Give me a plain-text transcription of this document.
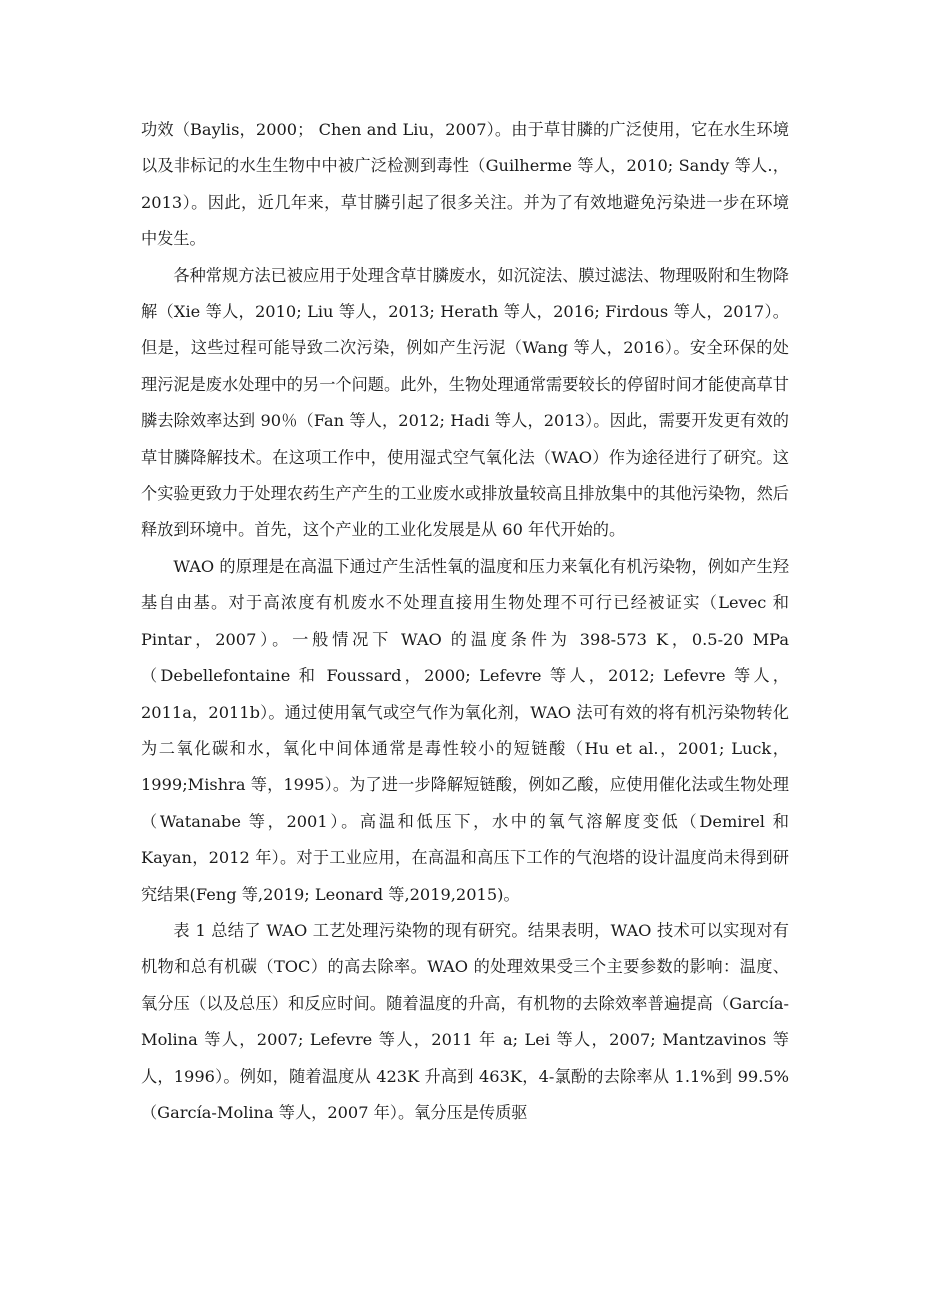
功效（Baylis，2000； Chen and Liu，2007）。由于草甘膦的广泛使用，它在水生环境以及非标记的水生生物中中被广泛检测到毒性（Guilherme 等人，2010; Sandy 等人.，2013）。因此，近几年来，草甘膦引起了很多关注。并为了有效地避免污染进一步在环境中发生。

各种常规方法已被应用于处理含草甘膦废水，如沉淀法、膜过滤法、物理吸附和生物降解（Xie 等人，2010; Liu 等人，2013; Herath 等人，2016; Firdous 等人，2017）。但是，这些过程可能导致二次污染，例如产生污泥（Wang 等人，2016）。安全环保的处理污泥是废水处理中的另一个问题。此外，生物处理通常需要较长的停留时间才能使高草甘膦去除效率达到 90％（Fan 等人，2012; Hadi 等人，2013）。因此，需要开发更有效的草甘膦降解技术。在这项工作中，使用湿式空气氧化法（WAO）作为途径进行了研究。这个实验更致力于处理农药生产产生的工业废水或排放量较高且排放集中的其他污染物，然后释放到环境中。首先，这个产业的工业化发展是从 60 年代开始的。

WAO 的原理是在高温下通过产生活性氧的温度和压力来氧化有机污染物，例如产生羟基自由基。对于高浓度有机废水不处理直接用生物处理不可行已经被证实（Levec 和 Pintar，2007）。一般情况下 WAO 的温度条件为 398-573 K，0.5-20 MPa（Debellefontaine 和 Foussard，2000; Lefevre 等人，2012; Lefevre 等人，2011a，2011b）。通过使用氧气或空气作为氧化剂，WAO 法可有效的将有机污染物转化为二氧化碳和水，氧化中间体通常是毒性较小的短链酸（Hu et al.，2001; Luck，1999;Mishra 等，1995）。为了进一步降解短链酸，例如乙酸，应使用催化法或生物处理（Watanabe 等，2001）。高温和低压下，水中的氧气溶解度变低（Demirel 和 Kayan，2012 年）。对于工业应用，在高温和高压下工作的气泡塔的设计温度尚未得到研究结果(Feng 等,2019; Leonard 等,2019,2015)。

表 1 总结了 WAO 工艺处理污染物的现有研究。结果表明，WAO 技术可以实现对有机物和总有机碳（TOC）的高去除率。WAO 的处理效果受三个主要参数的影响：温度、氧分压（以及总压）和反应时间。随着温度的升高，有机物的去除效率普遍提高（García-Molina 等人，2007; Lefevre 等人，2011 年 a; Lei 等人，2007; Mantzavinos 等人，1996）。例如，随着温度从 423K 升高到 463K，4-氯酚的去除率从 1.1%到 99.5%（García-Molina 等人，2007 年）。氧分压是传质驱
